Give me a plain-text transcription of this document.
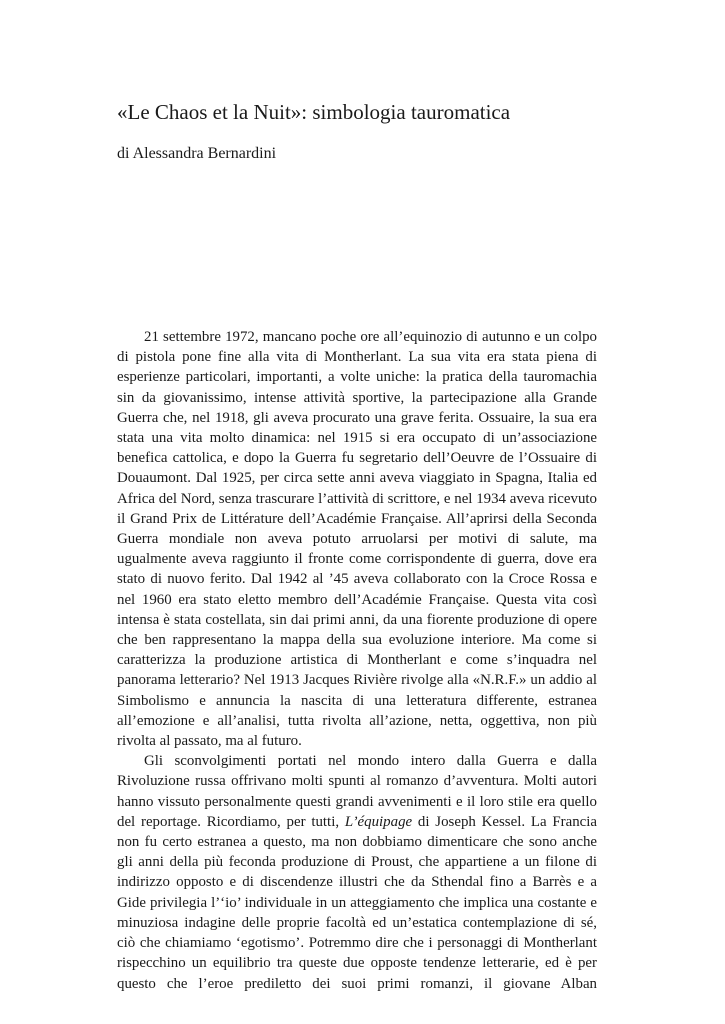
«Le Chaos et la Nuit»: simbologia tauromatica
di Alessandra Bernardini

21 settembre 1972, mancano poche ore all’equinozio di autunno e un colpo di pistola pone fine alla vita di Montherlant. La sua vita era stata piena di esperienze particolari, importanti, a volte uniche: la pratica della tauromachia sin da giovanissimo, intense attività sportive, la partecipazione alla Grande Guerra che, nel 1918, gli aveva procurato una grave ferita. Ossuaire, la sua era stata una vita molto dinamica: nel 1915 si era occupato di un’associazione benefica cattolica, e dopo la Guerra fu segretario dell’Oeuvre de l’Ossuaire di Douaumont. Dal 1925, per circa sette anni aveva viaggiato in Spagna, Italia ed Africa del Nord, senza trascurare l’attività di scrittore, e nel 1934 aveva ricevuto il Grand Prix de Littérature dell’Académie Française. All’aprirsi della Seconda Guerra mondiale non aveva potuto arruolarsi per motivi di salute, ma ugualmente aveva raggiunto il fronte come corrispondente di guerra, dove era stato di nuovo ferito. Dal 1942 al ’45 aveva collaborato con la Croce Rossa e nel 1960 era stato eletto membro dell’Académie Française. Questa vita così intensa è stata costellata, sin dai primi anni, da una fiorente produzione di opere che ben rappresentano la mappa della sua evoluzione interiore. Ma come si caratterizza la produzione artistica di Montherlant e come s’inquadra nel panorama letterario? Nel 1913 Jacques Rivière rivolge alla «N.R.F.» un addio al Simbolismo e annuncia la nascita di una letteratura differente, estranea all’emozione e all’analisi, tutta rivolta all’azione, netta, oggettiva, non più rivolta al passato, ma al futuro.

Gli sconvolgimenti portati nel mondo intero dalla Guerra e dalla Rivoluzione russa offrivano molti spunti al romanzo d’avventura. Molti autori hanno vissuto personalmente questi grandi avvenimenti e il loro stile era quello del reportage. Ricordiamo, per tutti, L’équipage di Joseph Kessel. La Francia non fu certo estranea a questo, ma non dobbiamo dimenticare che sono anche gli anni della più feconda produzione di Proust, che appartiene a un filone di indirizzo opposto e di discendenze illustri che da Sthendal fino a Barrès e a Gide privilegia l’‘io’ individuale in un atteggiamento che implica una costante e minuziosa indagine delle proprie facoltà ed un’estatica contemplazione di sé, ciò che chiamiamo ‘egotismo’. Potremmo dire che i personaggi di Montherlant rispecchino un equilibrio tra queste due opposte tendenze letterarie, ed è per questo che l’eroe prediletto dei suoi primi romanzi, il giovane Alban
